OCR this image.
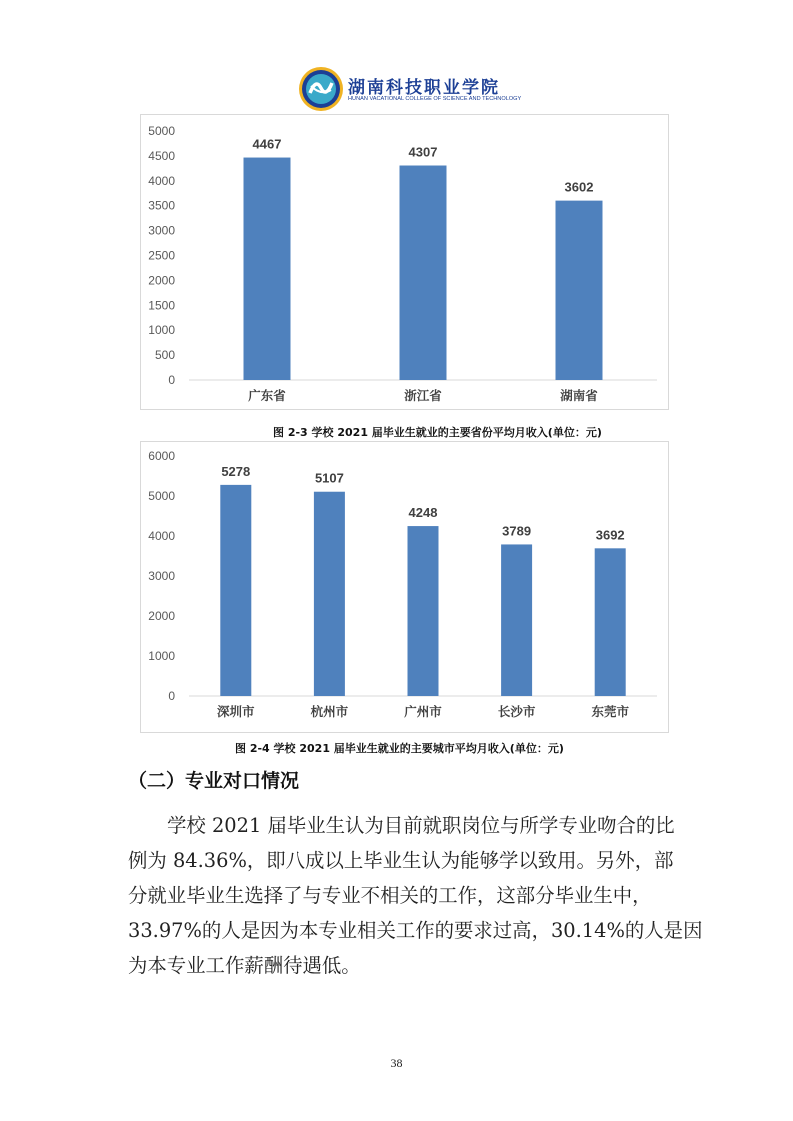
湖南科技职业学院
HUNAN VACATIONAL COLLEGE OF SCIENCE AND TECHNOLOGY
0
500
1000
1500
2000
2500
3000
3500
4000
4500
5000
4467
广东省
4307
浙江省
3602
湖南省
图 2-3 学校 2021 届毕业生就业的主要省份平均月收入(单位：元)
0
1000
2000
3000
4000
5000
6000
5278
深圳市
5107
杭州市
4248
广州市
3789
长沙市
3692
东莞市
图 2-4 学校 2021 届毕业生就业的主要城市平均月收入(单位：元)
（二）专业对口情况

学校 2021 届毕业生认为目前就职岗位与所学专业吻合的比
例为 84.36%，即八成以上毕业生认为能够学以致用。另外，部
分就业毕业生选择了与专业不相关的工作，这部分毕业生中，
33.97%的人是因为本专业相关工作的要求过高，30.14%的人是因
为本专业工作薪酬待遇低。

38
